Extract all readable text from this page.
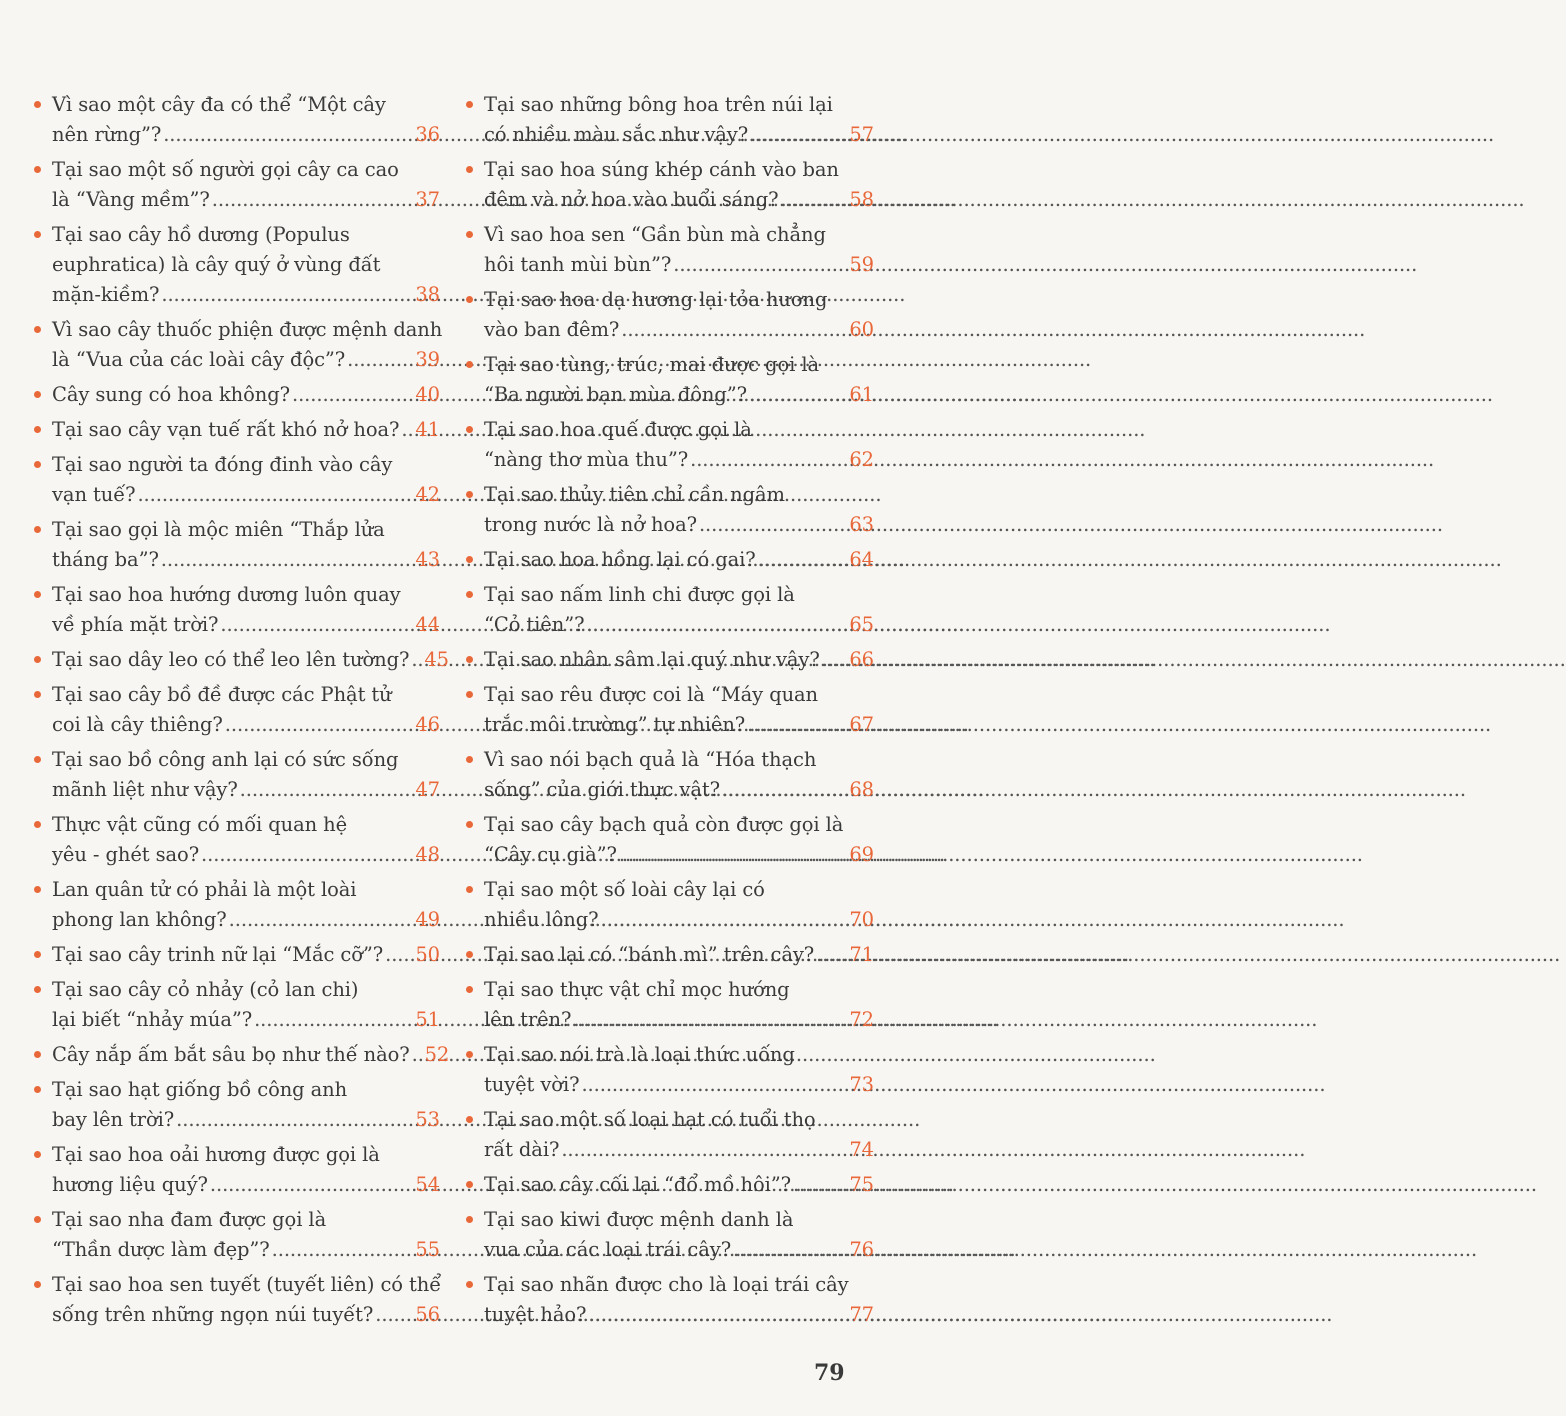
Vì sao một cây đa có thể “Một cây
nên rừng”? .....	36
Tại sao một số người gọi cây ca cao
là “Vàng mềm”? .....	37
Tại sao cây hồ dương (Populus
euphratica) là cây quý ở vùng đất
mặn-kiềm? .....	38
Vì sao cây thuốc phiện được mệnh danh
là “Vua của các loài cây độc”? .....	39
Cây sung có hoa không? .....	40
Tại sao cây vạn tuế rất khó nở hoa? ..... 41
Tại sao người ta đóng đinh vào cây
vạn tuế? .....	42
Tại sao gọi là mộc miên “Thắp lửa
tháng ba”? .....	43
Tại sao hoa hướng dương luôn quay
về phía mặt trời? .....	44
Tại sao dây leo có thể leo lên tường? ..... 45
Tại sao cây bồ đề được các Phật tử
coi là cây thiêng? .....	46
Tại sao bồ công anh lại có sức sống
mãnh liệt như vậy? .....	47
Thực vật cũng có mối quan hệ
yêu - ghét sao? .....	48
Lan quân tử có phải là một loài
phong lan không? .....	49
Tại sao cây trinh nữ lại “Mắc cỡ”? ..... 50
Tại sao cây cỏ nhảy (cỏ lan chi)
lại biết “nhảy múa”? .....	51
Cây nắp ấm bắt sâu bọ như thế nào? ..... 52
Tại sao hạt giống bồ công anh
bay lên trời? .....	53
Tại sao hoa oải hương được gọi là
hương liệu quý? .....	54
Tại sao nha đam được gọi là
“Thần dược làm đẹp”? .....	55
Tại sao hoa sen tuyết (tuyết liên) có thể
sống trên những ngọn núi tuyết? ..... 56
Tại sao những bông hoa trên núi lại
có nhiều màu sắc như vậy? .....	57
Tại sao hoa súng khép cánh vào ban
đêm và nở hoa vào buổi sáng? .....	58
Vì sao hoa sen “Gần bùn mà chẳng
hôi tanh mùi bùn”? .....	59
Tại sao hoa dạ hương lại tỏa hương
vào ban đêm? .....	60
Tại sao tùng, trúc, mai được gọi là
“Ba người bạn mùa đông”? .....	61
Tại sao hoa quế được gọi là
“nàng thơ mùa thu”? .....	62
Tại sao thủy tiên chỉ cần ngâm
trong nước là nở hoa? .....	63
Tại sao hoa hồng lại có gai? .....	64
Tại sao nấm linh chi được gọi là
“Cỏ tiên”? .....	65
Tại sao nhân sâm lại quý như vậy? ..... 66
Tại sao rêu được coi là “Máy quan
trắc môi trường” tự nhiên? .....	67
Vì sao nói bạch quả là “Hóa thạch
sống” của giới thực vật? .....	68
Tại sao cây bạch quả còn được gọi là
“Cây cụ già”? .....	69
Tại sao một số loài cây lại có
nhiều lông? .....	70
Tại sao lại có “bánh mì” trên cây? ..... 71
Tại sao thực vật chỉ mọc hướng
lên trên? .....	72
Tại sao nói trà là loại thức uống
tuyệt vời? .....	73
Tại sao một số loại hạt có tuổi thọ
rất dài? .....	74
Tại sao cây cối lại “đổ mồ hôi”? .....	75
Tại sao kiwi được mệnh danh là
vua của các loại trái cây? .....	76
Tại sao nhãn được cho là loại trái cây
tuyệt hảo? .....	77
79
